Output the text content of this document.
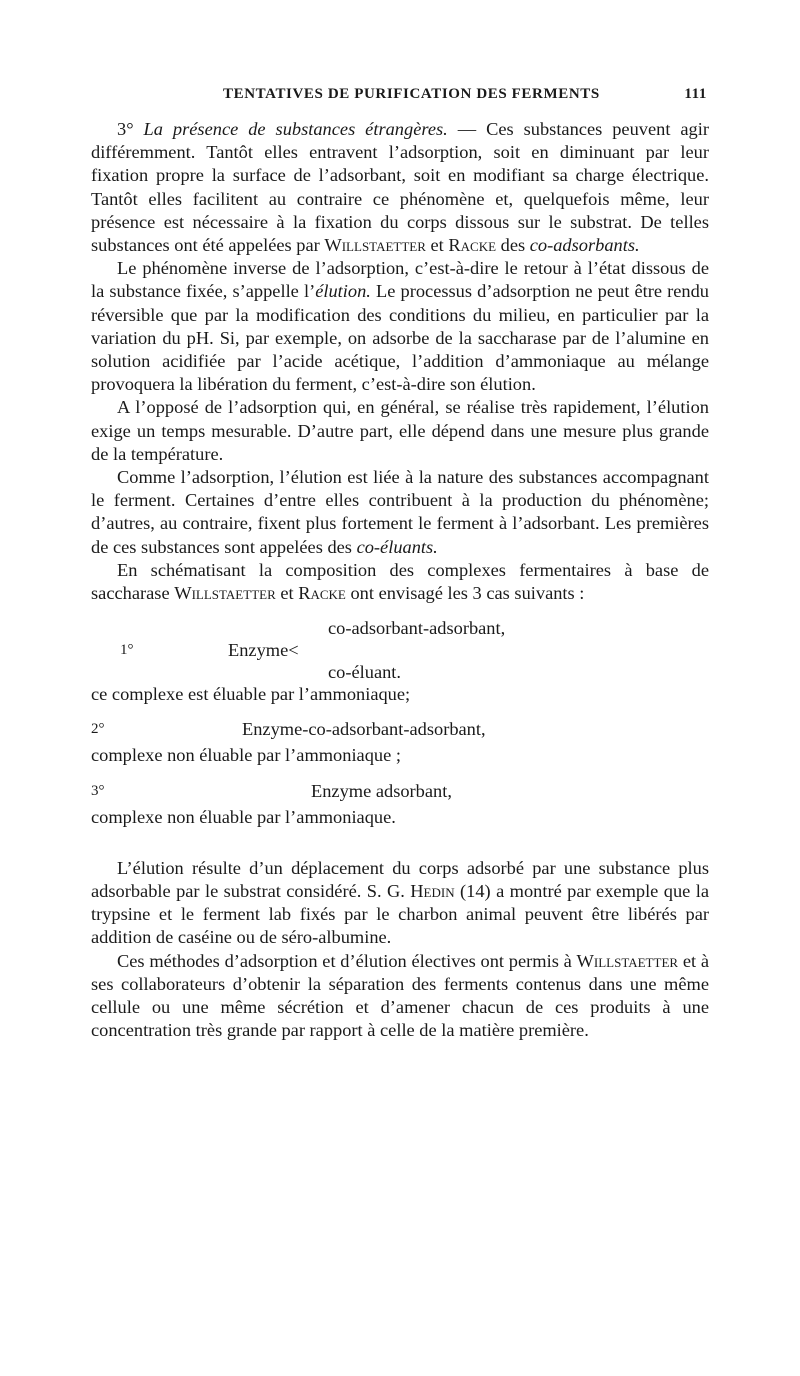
TENTATIVES DE PURIFICATION DES FERMENTS	111

3° La présence de substances étrangères. — Ces substances peuvent agir différemment. Tantôt elles entravent l’adsorption, soit en diminuant par leur fixation propre la surface de l’adsorbant, soit en modifiant sa charge électrique. Tantôt elles facilitent au contraire ce phénomène et, quelquefois même, leur présence est nécessaire à la fixation du corps dissous sur le substrat. De telles substances ont été appelées par Willstaetter et Racke des co-adsorbants.

Le phénomène inverse de l’adsorption, c’est-à-dire le retour à l’état dissous de la substance fixée, s’appelle l’élution. Le processus d’adsorption ne peut être rendu réversible que par la modification des conditions du milieu, en particulier par la variation du pH. Si, par exemple, on adsorbe de la saccharase par de l’alumine en solution acidifiée par l’acide acétique, l’addition d’ammoniaque au mélange provoquera la libération du ferment, c’est-à-dire son élution.

A l’opposé de l’adsorption qui, en général, se réalise très rapidement, l’élution exige un temps mesurable. D’autre part, elle dépend dans une mesure plus grande de la température.

Comme l’adsorption, l’élution est liée à la nature des substances accompagnant le ferment. Certaines d’entre elles contribuent à la production du phénomène; d’autres, au contraire, fixent plus fortement le ferment à l’adsorbant. Les premières de ces substances sont appelées des co-éluants.

En schématisant la composition des complexes fermentaires à base de saccharase Willstaetter et Racke ont envisagé les 3 cas suivants :

1°	Enzyme<
co-adsorbant-adsorbant,
co-éluant.

ce complexe est éluable par l’ammoniaque;

2°	Enzyme-co-adsorbant-adsorbant,

complexe non éluable par l’ammoniaque ;

3°	Enzyme adsorbant,

complexe non éluable par l’ammoniaque.

L’élution résulte d’un déplacement du corps adsorbé par une substance plus adsorbable par le substrat considéré. S. G. Hedin (14) a montré par exemple que la trypsine et le ferment lab fixés par le charbon animal peuvent être libérés par addition de caséine ou de séro-albumine.

Ces méthodes d’adsorption et d’élution électives ont permis à Willstaetter et à ses collaborateurs d’obtenir la séparation des ferments contenus dans une même cellule ou une même sécrétion et d’amener chacun de ces produits à une concentration très grande par rapport à celle de la matière première.
